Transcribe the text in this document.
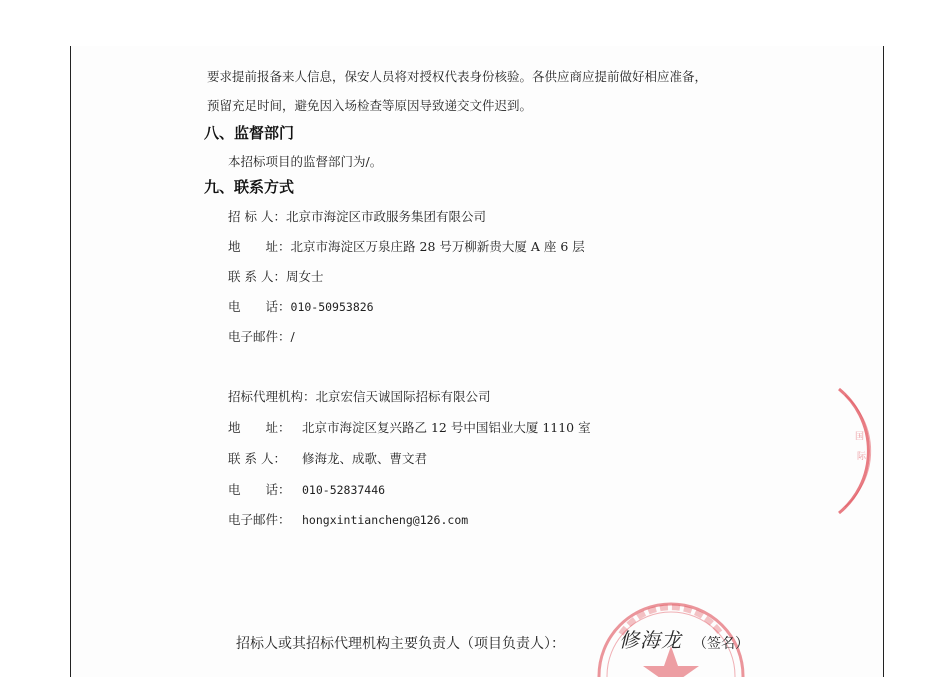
要求提前报备来人信息，保安人员将对授权代表身份核验。各供应商应提前做好相应准备，
预留充足时间，避免因入场检查等原因导致递交文件迟到。
八、监督部门
本招标项目的监督部门为/。
九、联系方式
招 标 人：北京市海淀区市政服务集团有限公司
地　　址：北京市海淀区万泉庄路 28 号万柳新贵大厦 A 座 6 层
联 系 人：周女士
电　　话：010-50953826
电子邮件：/
招标代理机构：北京宏信天诚国际招标有限公司
地　　址： 北京市海淀区复兴路乙 12 号中国铝业大厦 1110 室
联 系 人： 修海龙、成歌、曹文君
电　　话： 010-52837446
电子邮件： hongxintiancheng@126.com
国
际
招标人或其招标代理机构主要负责人（项目负责人）：	修海龙 （签名）
